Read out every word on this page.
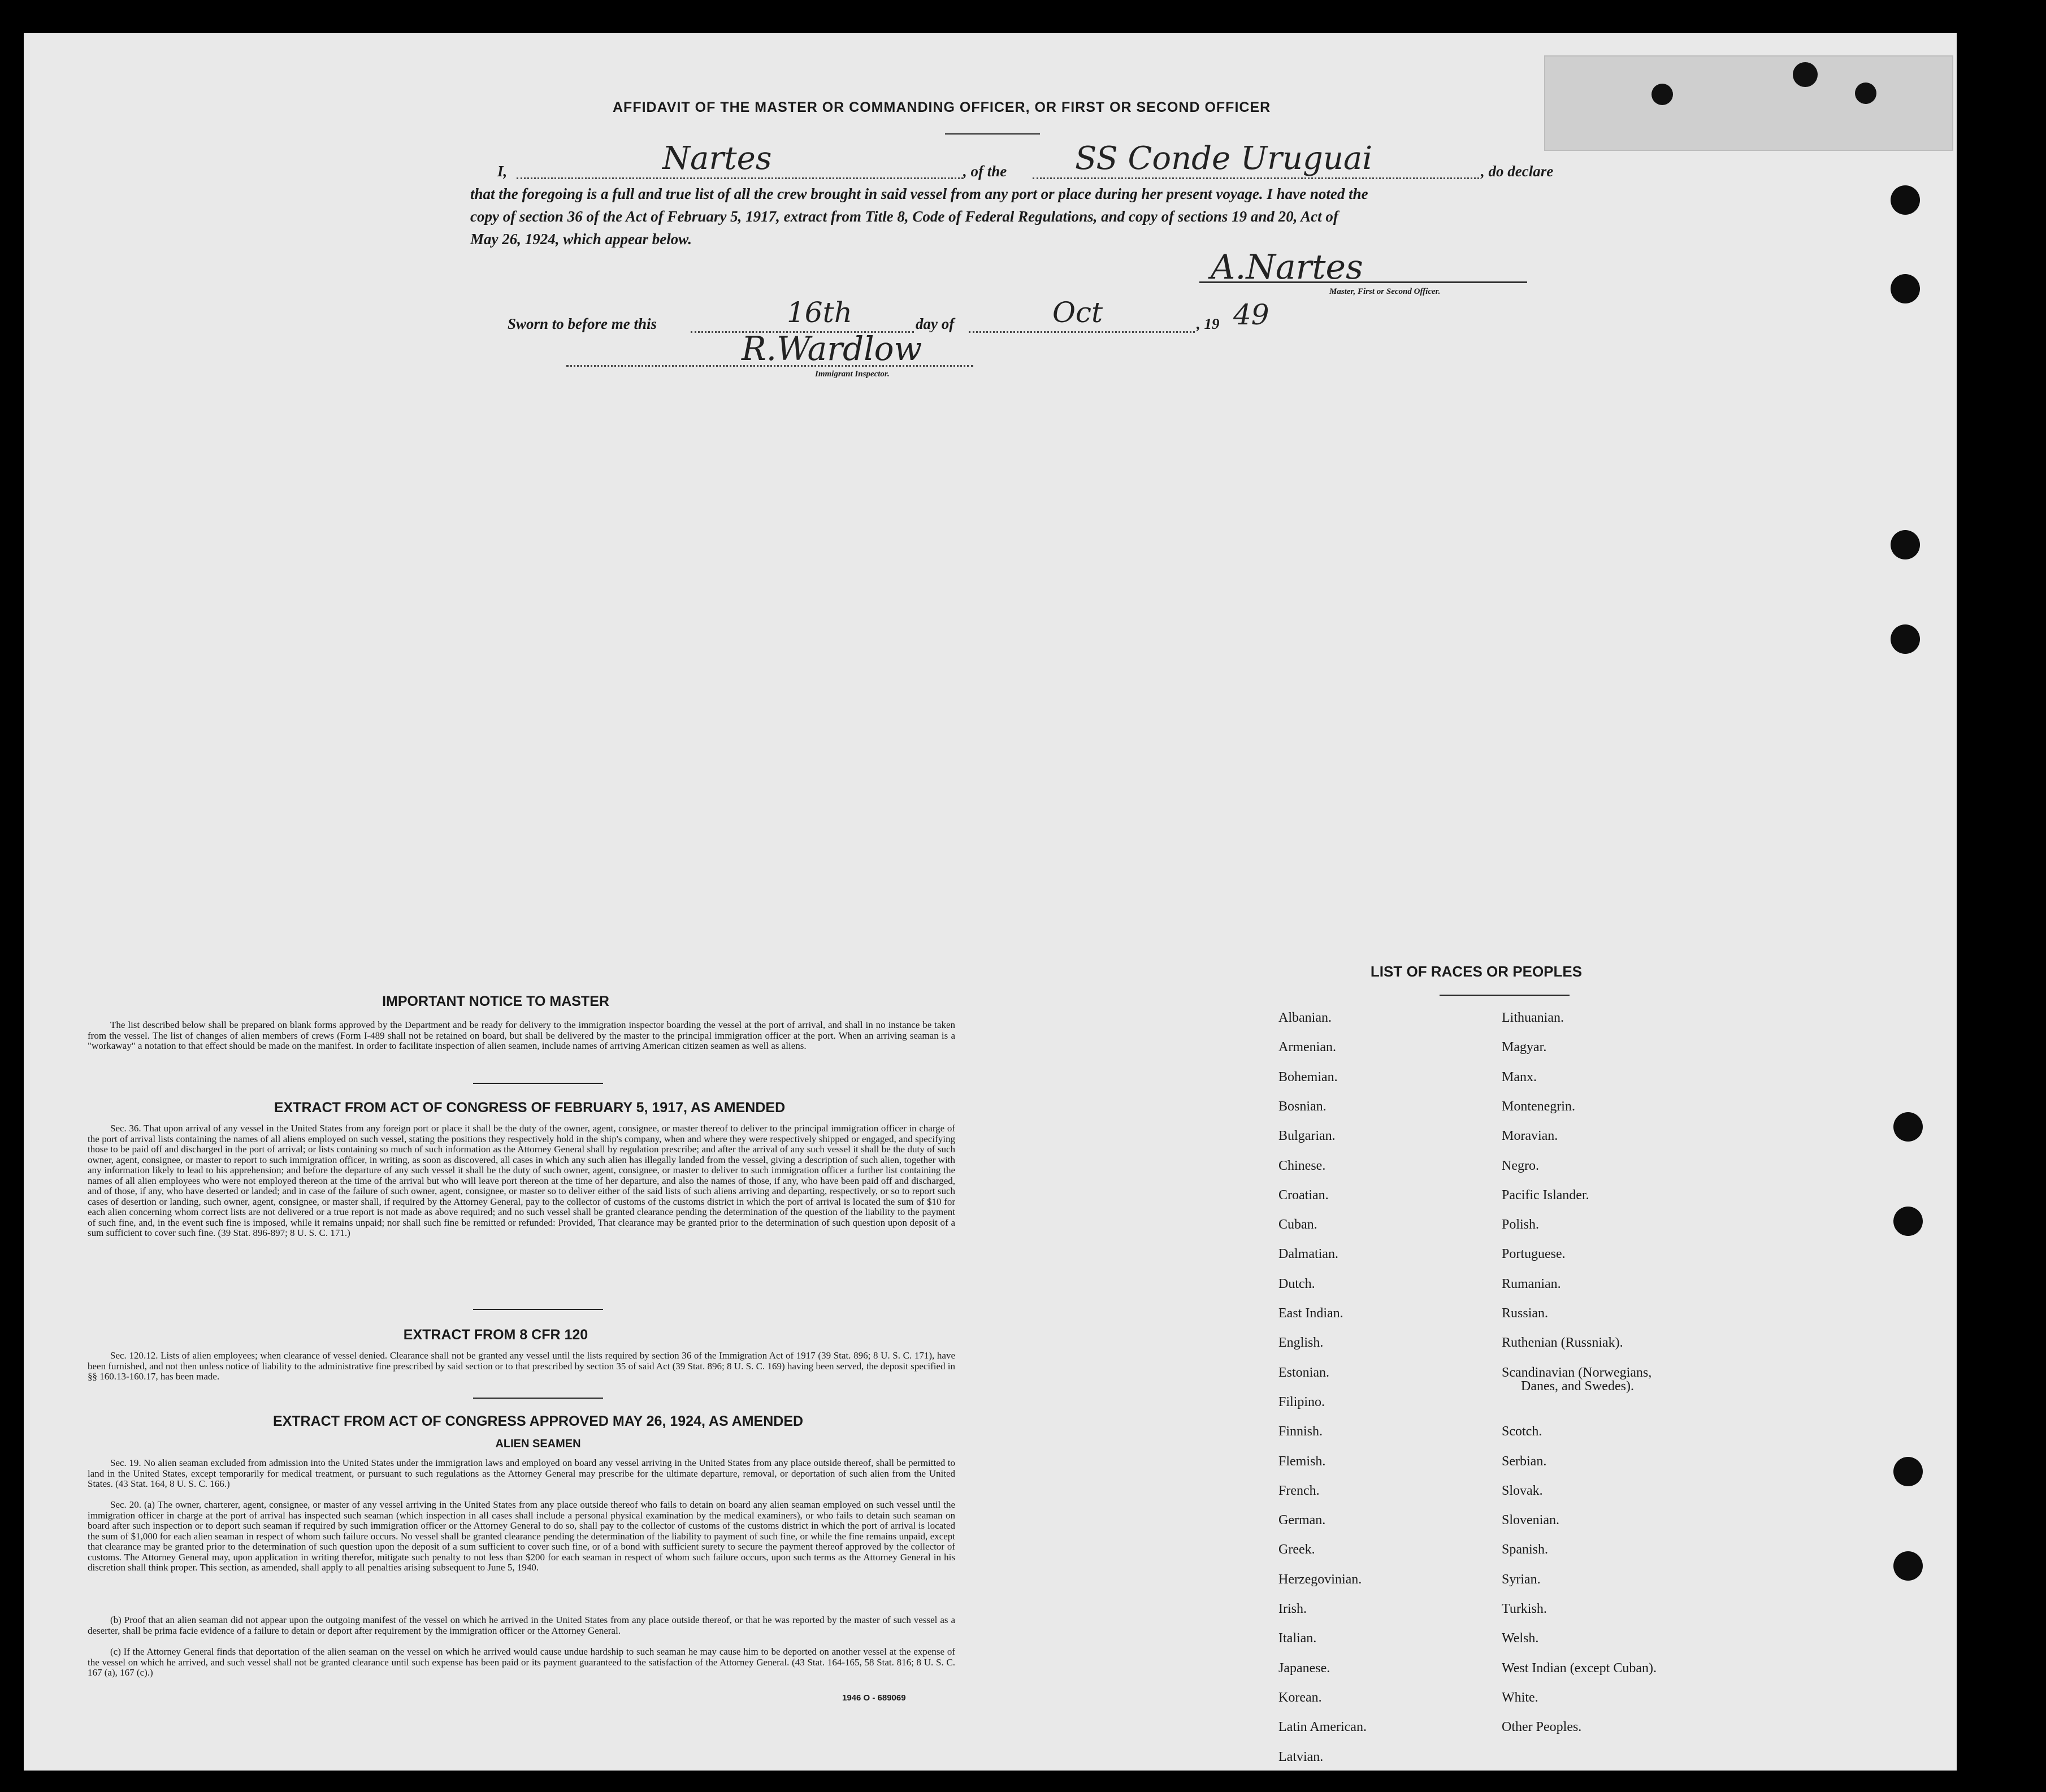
AFFIDAVIT OF THE MASTER OR COMMANDING OFFICER, OR FIRST OR SECOND OFFICER
I,	Nartes	, of the SS Conde Uruguai	, do declare
that the foregoing is a full and true list of all the crew brought in said vessel from any port or place during her present voyage. I have noted the
copy of section 36 of the Act of February 5, 1917, extract from Title 8, Code of Federal Regulations, and copy of sections 19 and 20, Act of
May 26, 1924, which appear below.
A.Nartes
Master, First or Second Officer.
Sworn to before me this	16th	day of	Oct	, 19 49
R.Wardlow
Immigrant Inspector.
IMPORTANT NOTICE TO MASTER
The list described below shall be prepared on blank forms approved by the Department and be ready for delivery to the immigration inspector boarding the vessel at the port of arrival, and shall in no instance be taken from the vessel. The list of changes of alien members of crews (Form I-489 shall not be retained on board, but shall be delivered by the master to the principal immigration officer at the port. When an arriving seaman is a "workaway" a notation to that effect should be made on the manifest. In order to facilitate inspection of alien seamen, include names of arriving American citizen seamen as well as aliens.
EXTRACT FROM ACT OF CONGRESS OF FEBRUARY 5, 1917, AS AMENDED
Sec. 36. That upon arrival of any vessel in the United States from any foreign port or place it shall be the duty of the owner, agent, consignee, or master thereof to deliver to the principal immigration officer in charge of the port of arrival lists containing the names of all aliens employed on such vessel, stating the positions they respectively hold in the ship's company, when and where they were respectively shipped or engaged, and specifying those to be paid off and discharged in the port of arrival; or lists containing so much of such information as the Attorney General shall by regulation prescribe; and after the arrival of any such vessel it shall be the duty of such owner, agent, consignee, or master to report to such immigration officer, in writing, as soon as discovered, all cases in which any such alien has illegally landed from the vessel, giving a description of such alien, together with any information likely to lead to his apprehension; and before the departure of any such vessel it shall be the duty of such owner, agent, consignee, or master to deliver to such immigration officer a further list containing the names of all alien employees who were not employed thereon at the time of the arrival but who will leave port thereon at the time of her departure, and also the names of those, if any, who have been paid off and discharged, and of those, if any, who have deserted or landed; and in case of the failure of such owner, agent, consignee, or master so to deliver either of the said lists of such aliens arriving and departing, respectively, or so to report such cases of desertion or landing, such owner, agent, consignee, or master shall, if required by the Attorney General, pay to the collector of customs of the customs district in which the port of arrival is located the sum of $10 for each alien concerning whom correct lists are not delivered or a true report is not made as above required; and no such vessel shall be granted clearance pending the determination of the question of the liability to the payment of such fine, and, in the event such fine is imposed, while it remains unpaid; nor shall such fine be remitted or refunded: Provided, That clearance may be granted prior to the determination of such question upon deposit of a sum sufficient to cover such fine. (39 Stat. 896-897; 8 U. S. C. 171.)
EXTRACT FROM 8 CFR 120
Sec. 120.12. Lists of alien employees; when clearance of vessel denied. Clearance shall not be granted any vessel until the lists required by section 36 of the Immigration Act of 1917 (39 Stat. 896; 8 U. S. C. 171), have been furnished, and not then unless notice of liability to the administrative fine prescribed by said section or to that prescribed by section 35 of said Act (39 Stat. 896; 8 U. S. C. 169) having been served, the deposit specified in §§ 160.13-160.17, has been made.
EXTRACT FROM ACT OF CONGRESS APPROVED MAY 26, 1924, AS AMENDED
ALIEN SEAMEN
Sec. 19. No alien seaman excluded from admission into the United States under the immigration laws and employed on board any vessel arriving in the United States from any place outside thereof, shall be permitted to land in the United States, except temporarily for medical treatment, or pursuant to such regulations as the Attorney General may prescribe for the ultimate departure, removal, or deportation of such alien from the United States. (43 Stat. 164, 8 U. S. C. 166.)
Sec. 20. (a) The owner, charterer, agent, consignee, or master of any vessel arriving in the United States from any place outside thereof who fails to detain on board any alien seaman employed on such vessel until the immigration officer in charge at the port of arrival has inspected such seaman (which inspection in all cases shall include a personal physical examination by the medical examiners), or who fails to detain such seaman on board after such inspection or to deport such seaman if required by such immigration officer or the Attorney General to do so, shall pay to the collector of customs of the customs district in which the port of arrival is located the sum of $1,000 for each alien seaman in respect of whom such failure occurs. No vessel shall be granted clearance pending the determination of the liability to payment of such fine, or while the fine remains unpaid, except that clearance may be granted prior to the determination of such question upon the deposit of a sum sufficient to cover such fine, or of a bond with sufficient surety to secure the payment thereof approved by the collector of customs. The Attorney General may, upon application in writing therefor, mitigate such penalty to not less than $200 for each seaman in respect of whom such failure occurs, upon such terms as the Attorney General in his discretion shall think proper. This section, as amended, shall apply to all penalties arising subsequent to June 5, 1940.
(b) Proof that an alien seaman did not appear upon the outgoing manifest of the vessel on which he arrived in the United States from any place outside thereof, or that he was reported by the master of such vessel as a deserter, shall be prima facie evidence of a failure to detain or deport after requirement by the immigration officer or the Attorney General.
(c) If the Attorney General finds that deportation of the alien seaman on the vessel on which he arrived would cause undue hardship to such seaman he may cause him to be deported on another vessel at the expense of the vessel on which he arrived, and such vessel shall not be granted clearance until such expense has been paid or its payment guaranteed to the satisfaction of the Attorney General. (43 Stat. 164-165, 58 Stat. 816; 8 U. S. C. 167 (a), 167 (c).)
1946 O - 689069
LIST OF RACES OR PEOPLES
Albanian.
Armenian.
Bohemian.
Bosnian.
Bulgarian.
Chinese.
Croatian.
Cuban.
Dalmatian.
Dutch.
East Indian.
English.
Estonian.
Filipino.
Finnish.
Flemish.
French.
German.
Greek.
Herzegovinian.
Irish.
Italian.
Japanese.
Korean.
Latin American.
Latvian.
Lithuanian.
Magyar.
Manx.
Montenegrin.
Moravian.
Negro.
Pacific Islander.
Polish.
Portuguese.
Rumanian.
Russian.
Ruthenian (Russniak).
Scandinavian (Norwegians,
Danes, and Swedes).
Scotch.
Serbian.
Slovak.
Slovenian.
Spanish.
Syrian.
Turkish.
Welsh.
West Indian (except Cuban).
White.
Other Peoples.
